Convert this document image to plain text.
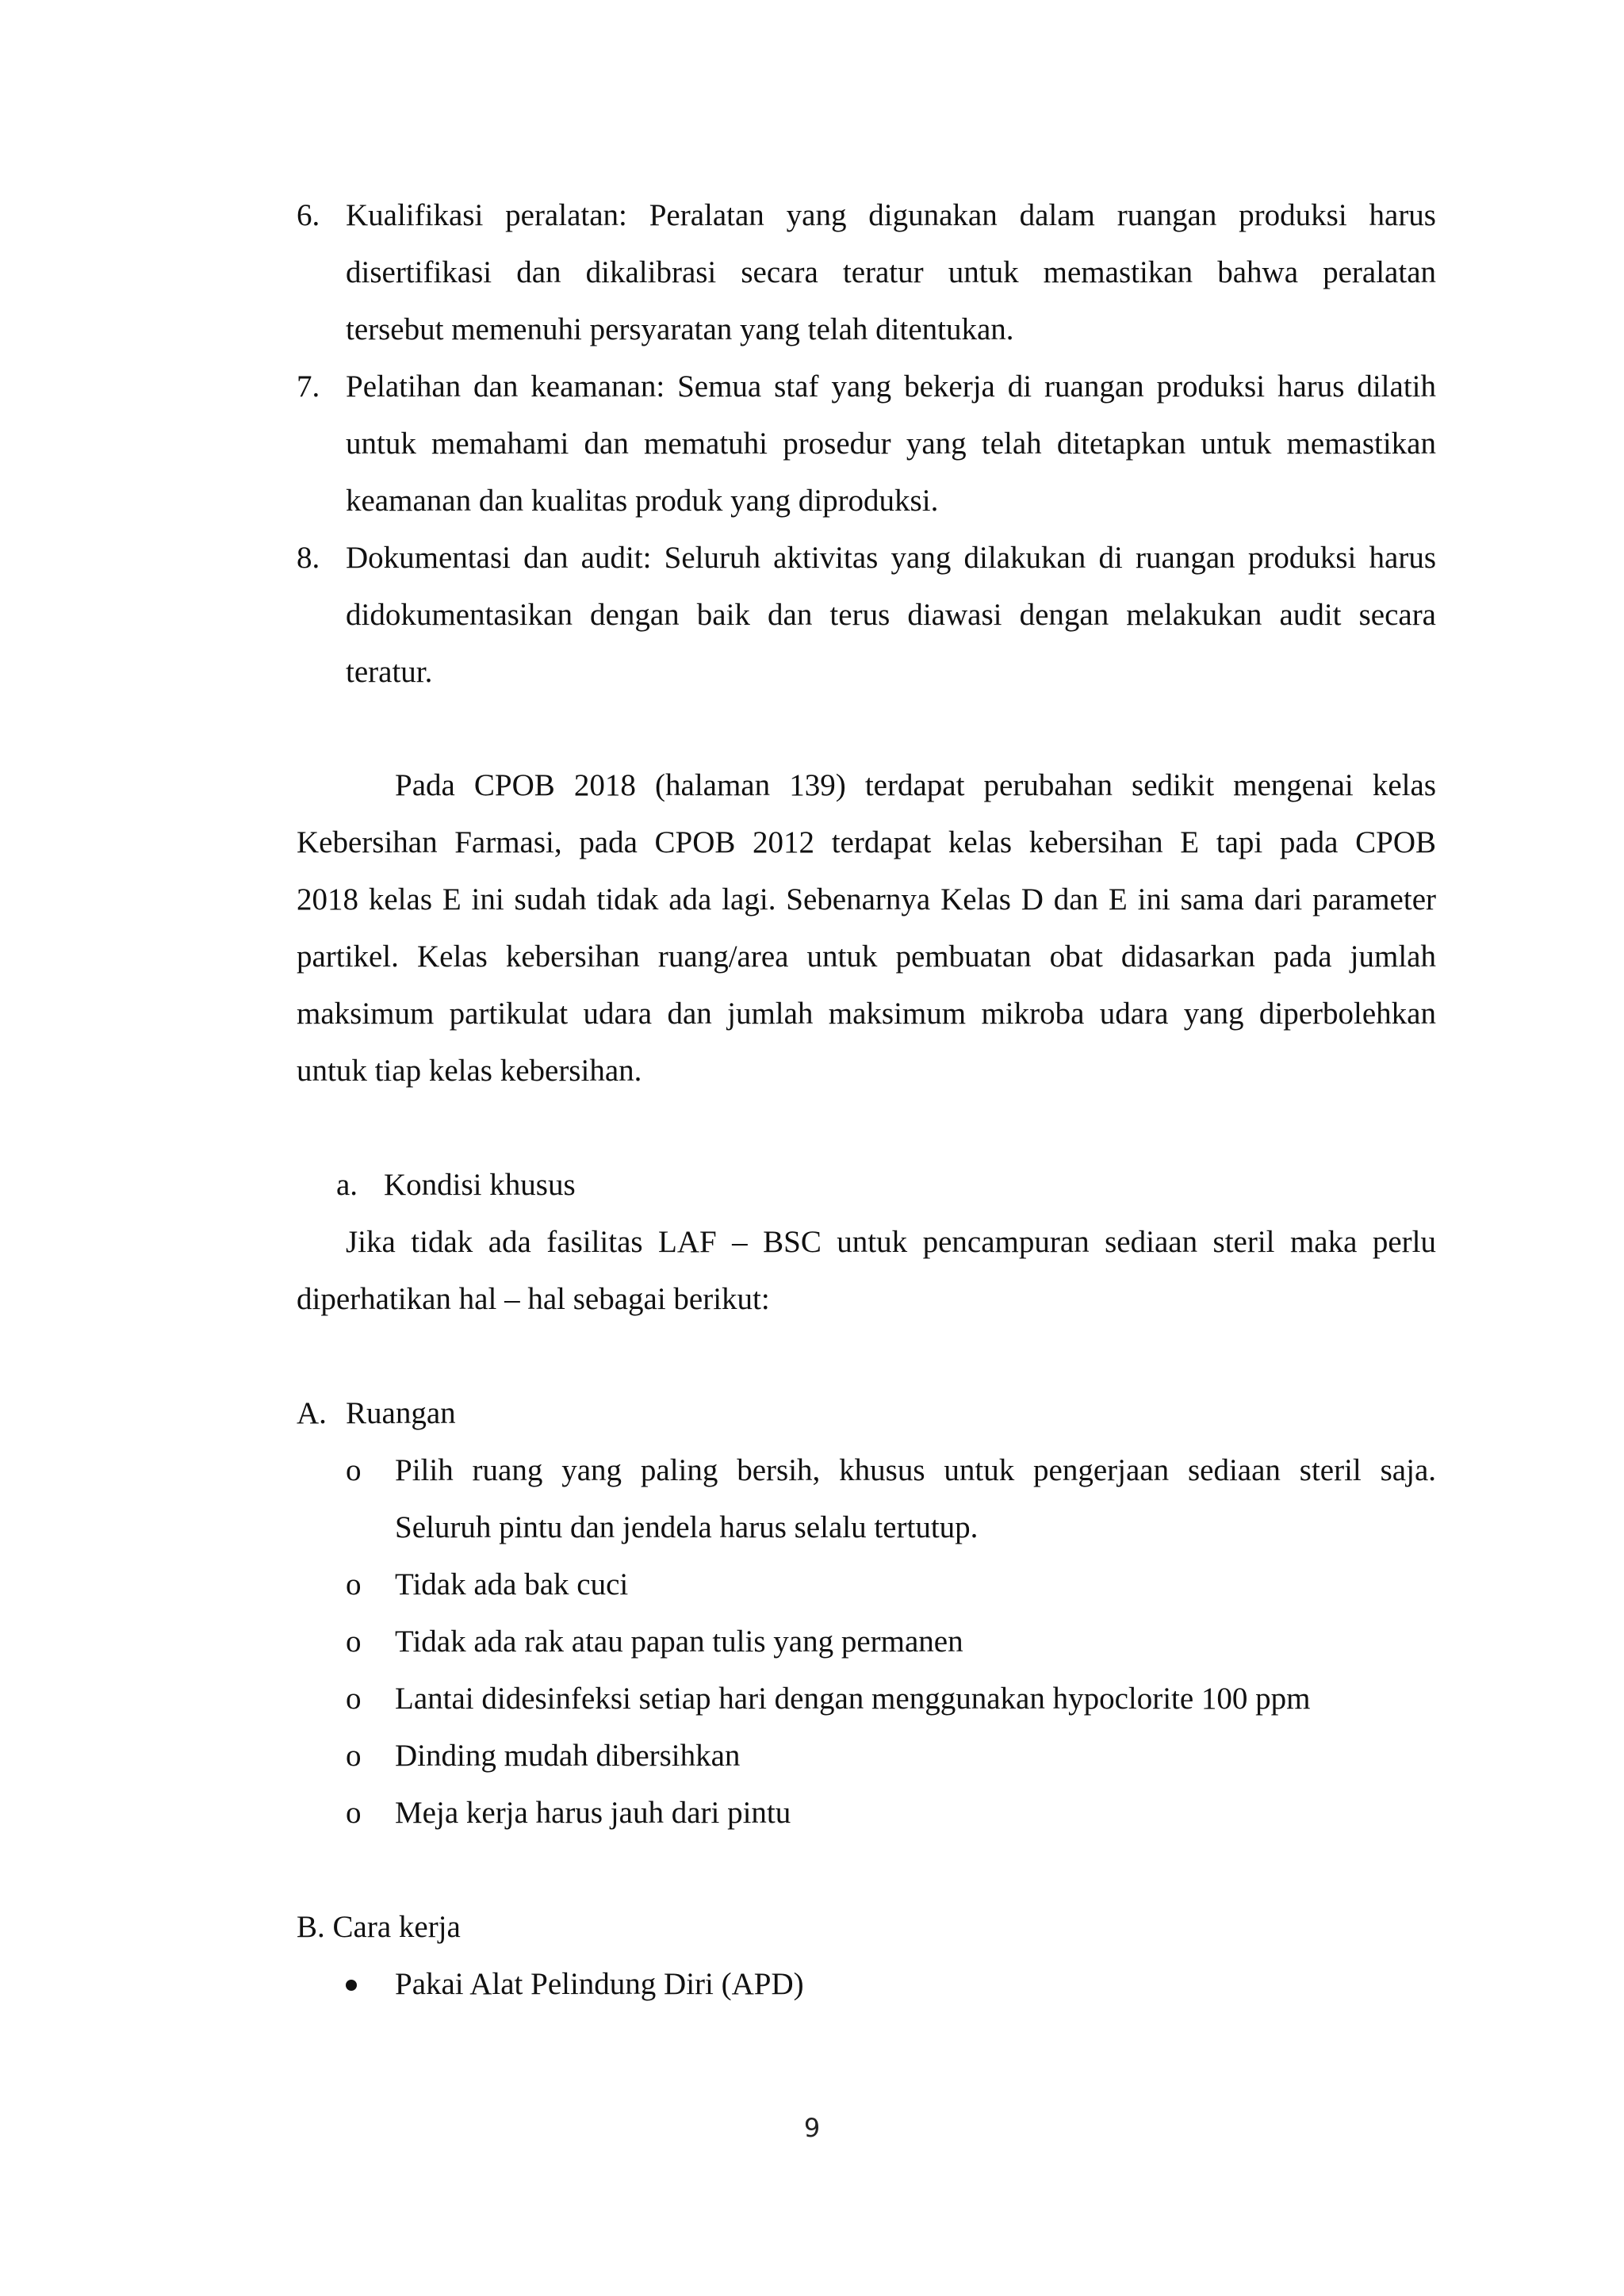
6. Kualifikasi peralatan: Peralatan yang digunakan dalam ruangan produksi harus
disertifikasi dan dikalibrasi secara teratur untuk memastikan bahwa peralatan
tersebut memenuhi persyaratan yang telah ditentukan.
7. Pelatihan dan keamanan: Semua staf yang bekerja di ruangan produksi harus dilatih
untuk memahami dan mematuhi prosedur yang telah ditetapkan untuk memastikan
keamanan dan kualitas produk yang diproduksi.
8. Dokumentasi dan audit: Seluruh aktivitas yang dilakukan di ruangan produksi harus
didokumentasikan dengan baik dan terus diawasi dengan melakukan audit secara
teratur.
Pada CPOB 2018 (halaman 139) terdapat perubahan sedikit mengenai kelas
Kebersihan Farmasi, pada CPOB 2012 terdapat kelas kebersihan E tapi pada CPOB
2018 kelas E ini sudah tidak ada lagi. Sebenarnya Kelas D dan E ini sama dari parameter
partikel. Kelas kebersihan ruang/area untuk pembuatan obat didasarkan pada jumlah
maksimum partikulat udara dan jumlah maksimum mikroba udara yang diperbolehkan
untuk tiap kelas kebersihan.
a. Kondisi khusus
Jika tidak ada fasilitas LAF – BSC untuk pencampuran sediaan steril maka perlu
diperhatikan hal – hal sebagai berikut:
A. Ruangan
o Pilih ruang yang paling bersih, khusus untuk pengerjaan sediaan steril saja.
Seluruh pintu dan jendela harus selalu tertutup.
o Tidak ada bak cuci
o Tidak ada rak atau papan tulis yang permanen
o Lantai didesinfeksi setiap hari dengan menggunakan hypoclorite 100 ppm
o Dinding mudah dibersihkan
o Meja kerja harus jauh dari pintu
B. Cara kerja
Pakai Alat Pelindung Diri (APD)
9
